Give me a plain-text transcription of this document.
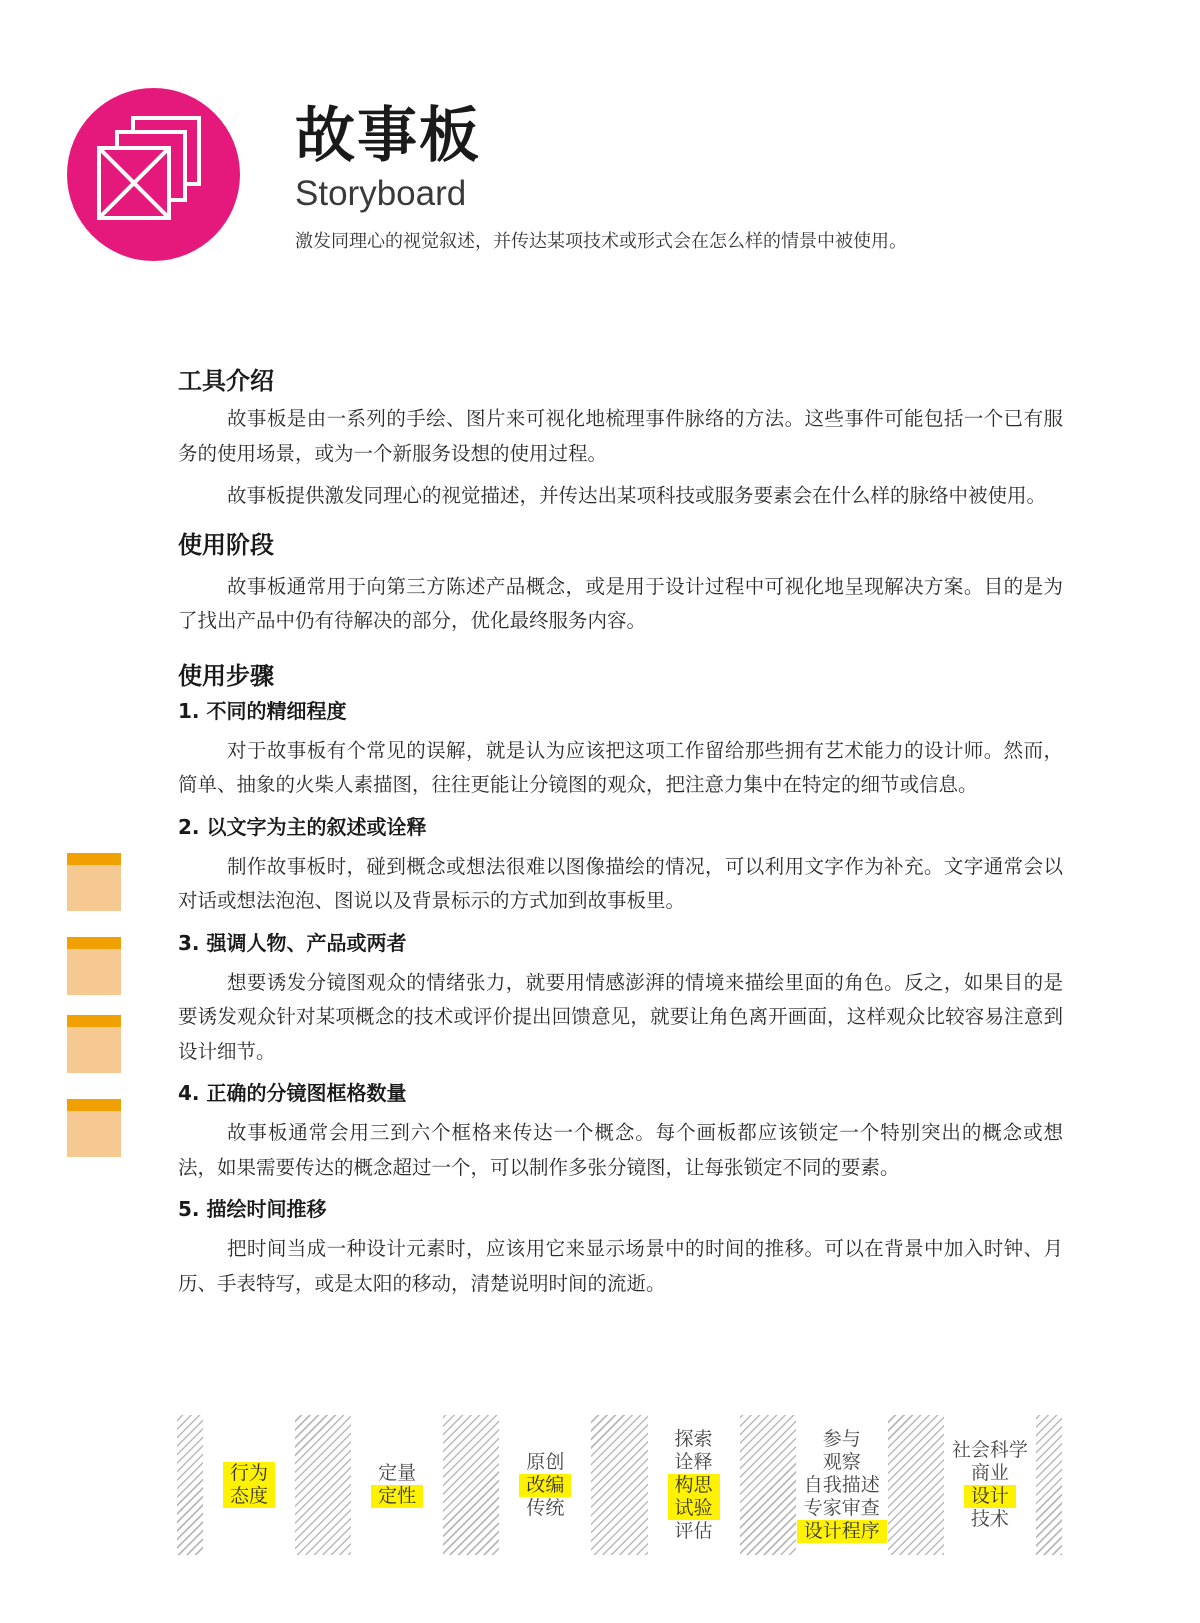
故事板
Storyboard

激发同理心的视觉叙述，并传达某项技术或形式会在怎么样的情景中被使用。

工具介绍

故事板是由一系列的手绘、图片来可视化地梳理事件脉络的方法。这些事件可能包括一个已有服务的使用场景，或为一个新服务设想的使用过程。

故事板提供激发同理心的视觉描述，并传达出某项科技或服务要素会在什么样的脉络中被使用。

使用阶段

故事板通常用于向第三方陈述产品概念，或是用于设计过程中可视化地呈现解决方案。目的是为了找出产品中仍有待解决的部分，优化最终服务内容。

使用步骤
1. 不同的精细程度

对于故事板有个常见的误解，就是认为应该把这项工作留给那些拥有艺术能力的设计师。然而，简单、抽象的火柴人素描图，往往更能让分镜图的观众，把注意力集中在特定的细节或信息。

2. 以文字为主的叙述或诠释

制作故事板时，碰到概念或想法很难以图像描绘的情况，可以利用文字作为补充。文字通常会以对话或想法泡泡、图说以及背景标示的方式加到故事板里。

3. 强调人物、产品或两者

想要诱发分镜图观众的情绪张力，就要用情感澎湃的情境来描绘里面的角色。反之，如果目的是要诱发观众针对某项概念的技术或评价提出回馈意见，就要让角色离开画面，这样观众比较容易注意到设计细节。

4. 正确的分镜图框格数量

故事板通常会用三到六个框格来传达一个概念。每个画板都应该锁定一个特别突出的概念或想法，如果需要传达的概念超过一个，可以制作多张分镜图，让每张锁定不同的要素。

5. 描绘时间推移

把时间当成一种设计元素时，应该用它来显示场景中的时间的推移。可以在背景中加入时钟、月历、手表特写，或是太阳的移动，清楚说明时间的流逝。

行为
态度
定量
定性
原创
改编
传统
探索
诠释
构思
试验
评估
参与
观察
自我描述
专家审查
设计程序
社会科学
商业
设计
技术
